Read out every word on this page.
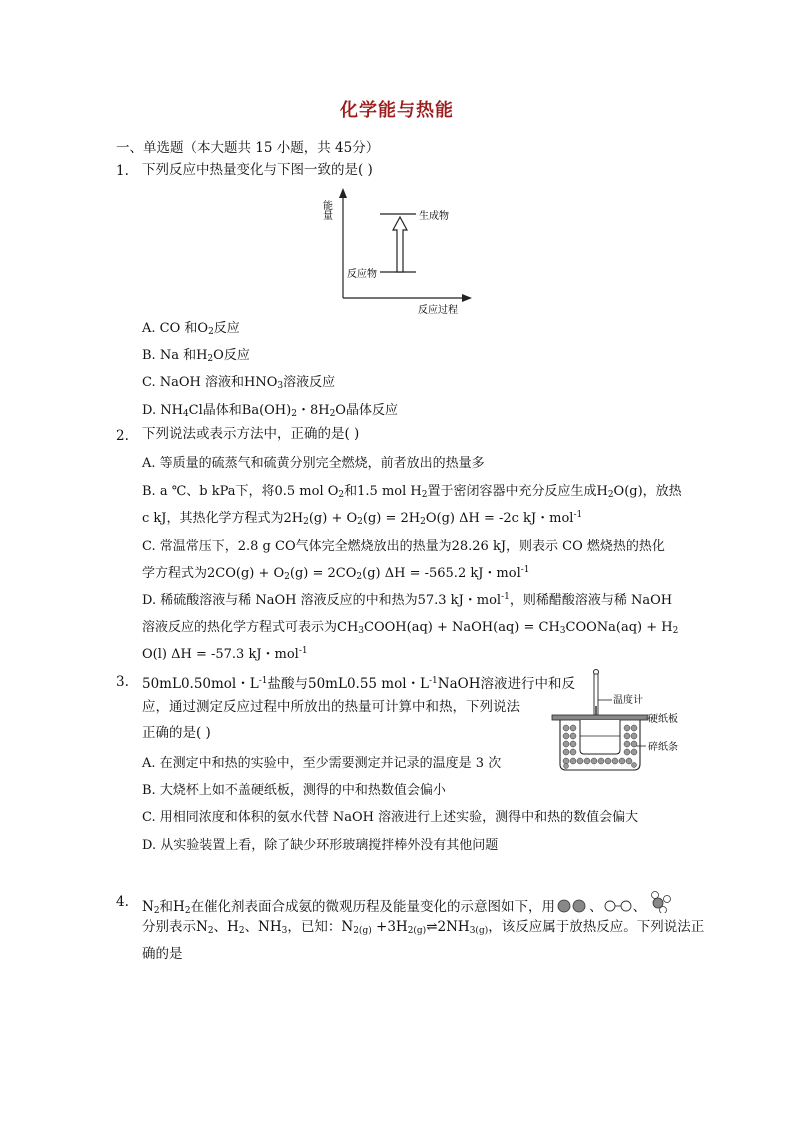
化学能与热能
一、单选题（本大题共 15 小题，共 45分）
1. 下列反应中热量变化与下图一致的是( )
能量	生成物
反应物
反应过程
A. CO 和$O_2$反应
B. Na 和$H_2O$反应
C. NaOH 溶液和$HNO_3$溶液反应
D. $NH_4Cl$晶体和$Ba(OH)_2$・$8H_2O$晶体反应
2. 下列说法或表示方法中，正确的是( )
A. 等质量的硫蒸气和硫黄分别完全燃烧，前者放出的热量多
B. a ℃、b kPa下，将0.5 mol $O_2$和1.5 mol $H_2$置于密闭容器中充分反应生成$H_2O(g)$，放热
c kJ，其热化学方程式为$2H_2(g) + O_2(g) = 2H_2O(g) \Delta H = -2c$ kJ・mol$^{-1}$
C. 常温常压下，2.8 g CO气体完全燃烧放出的热量为28.26 kJ，则表示 CO 燃烧热的热化
学方程式为$2CO(g) + O_2(g) = 2CO_2(g) \Delta H = -565.2$ kJ・mol$^{-1}$
D. 稀硫酸溶液与稀 NaOH 溶液反应的中和热为57.3 kJ・mol$^{-1}$，则稀醋酸溶液与稀 NaOH
溶液反应的热化学方程式可表示为$CH_3COOH(aq)$ + NaOH(aq) = $CH_3COONa(aq) + H_2$
O(l) ΔH = -57.3 kJ・mol$^{-1}$
3. 50mL0.50mol・$L^{-1}$盐酸与50mL0.55 mol・$L^{-1}NaOH$溶液进行中和反
应，通过测定反应过程中所放出的热量可计算中和热，下列说法
正确的是( )
A. 在测定中和热的实验中，至少需要测定并记录的温度是 3 次
B. 大烧杯上如不盖硬纸板，测得的中和热数值会偏小
C. 用相同浓度和体积的氨水代替 NaOH 溶液进行上述实验，测得中和热的数值会偏大
D. 从实验装置上看，除了缺少环形玻璃搅拌棒外没有其他问题
温度计
硬纸板
碎纸条
4. $N_2$和$H_2$在催化剂表面合成氨的微观历程及能量变化的示意图如下，用	、 、
分别表示$N_2$、$H_2$、$NH_3$，已知：$N_{2(g)}$ $+3H_{2(g)}\rightleftharpoons 2NH_{3(g)}$，该反应属于放热反应。下列说法正
确的是
